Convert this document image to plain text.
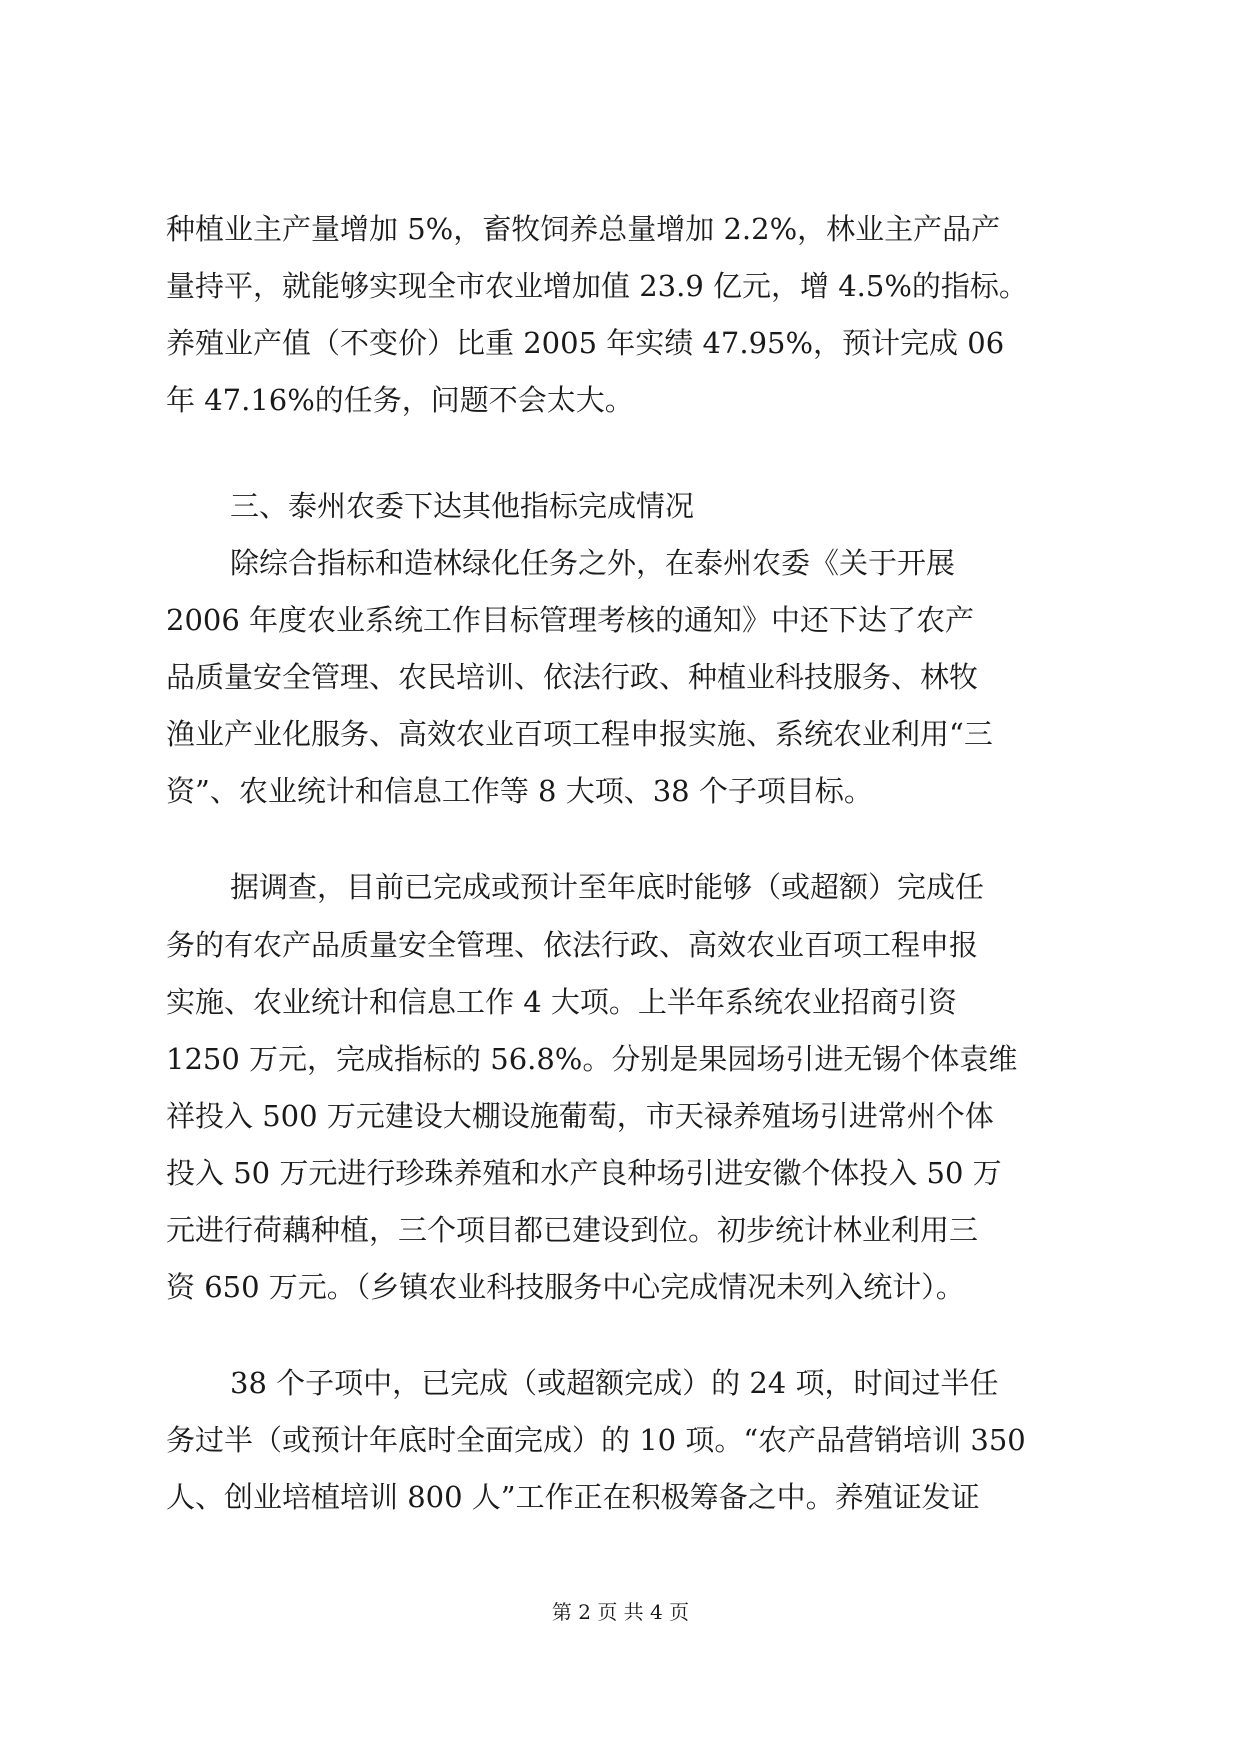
种植业主产量增加 5%，畜牧饲养总量增加 2.2%，林业主产品产
量持平，就能够实现全市农业增加值 23.9 亿元，增 4.5%的指标。
养殖业产值（不变价）比重 2005 年实绩 47.95%，预计完成 06
年 47.16%的任务，问题不会太大。
三、泰州农委下达其他指标完成情况
除综合指标和造林绿化任务之外，在泰州农委《关于开展
2006 年度农业系统工作目标管理考核的通知》中还下达了农产
品质量安全管理、农民培训、依法行政、种植业科技服务、林牧
渔业产业化服务、高效农业百项工程申报实施、系统农业利用“三
资”、农业统计和信息工作等 8 大项、38 个子项目标。
据调查，目前已完成或预计至年底时能够（或超额）完成任
务的有农产品质量安全管理、依法行政、高效农业百项工程申报
实施、农业统计和信息工作 4 大项。上半年系统农业招商引资
1250 万元，完成指标的 56.8%。分别是果园场引进无锡个体袁维
祥投入 500 万元建设大棚设施葡萄，市天禄养殖场引进常州个体
投入 50 万元进行珍珠养殖和水产良种场引进安徽个体投入 50 万
元进行荷藕种植，三个项目都已建设到位。初步统计林业利用三
资 650 万元。（乡镇农业科技服务中心完成情况未列入统计）。
38 个子项中，已完成（或超额完成）的 24 项，时间过半任
务过半（或预计年底时全面完成）的 10 项。“农产品营销培训 350
人、创业培植培训 800 人”工作正在积极筹备之中。养殖证发证
第 2 页 共 4 页
